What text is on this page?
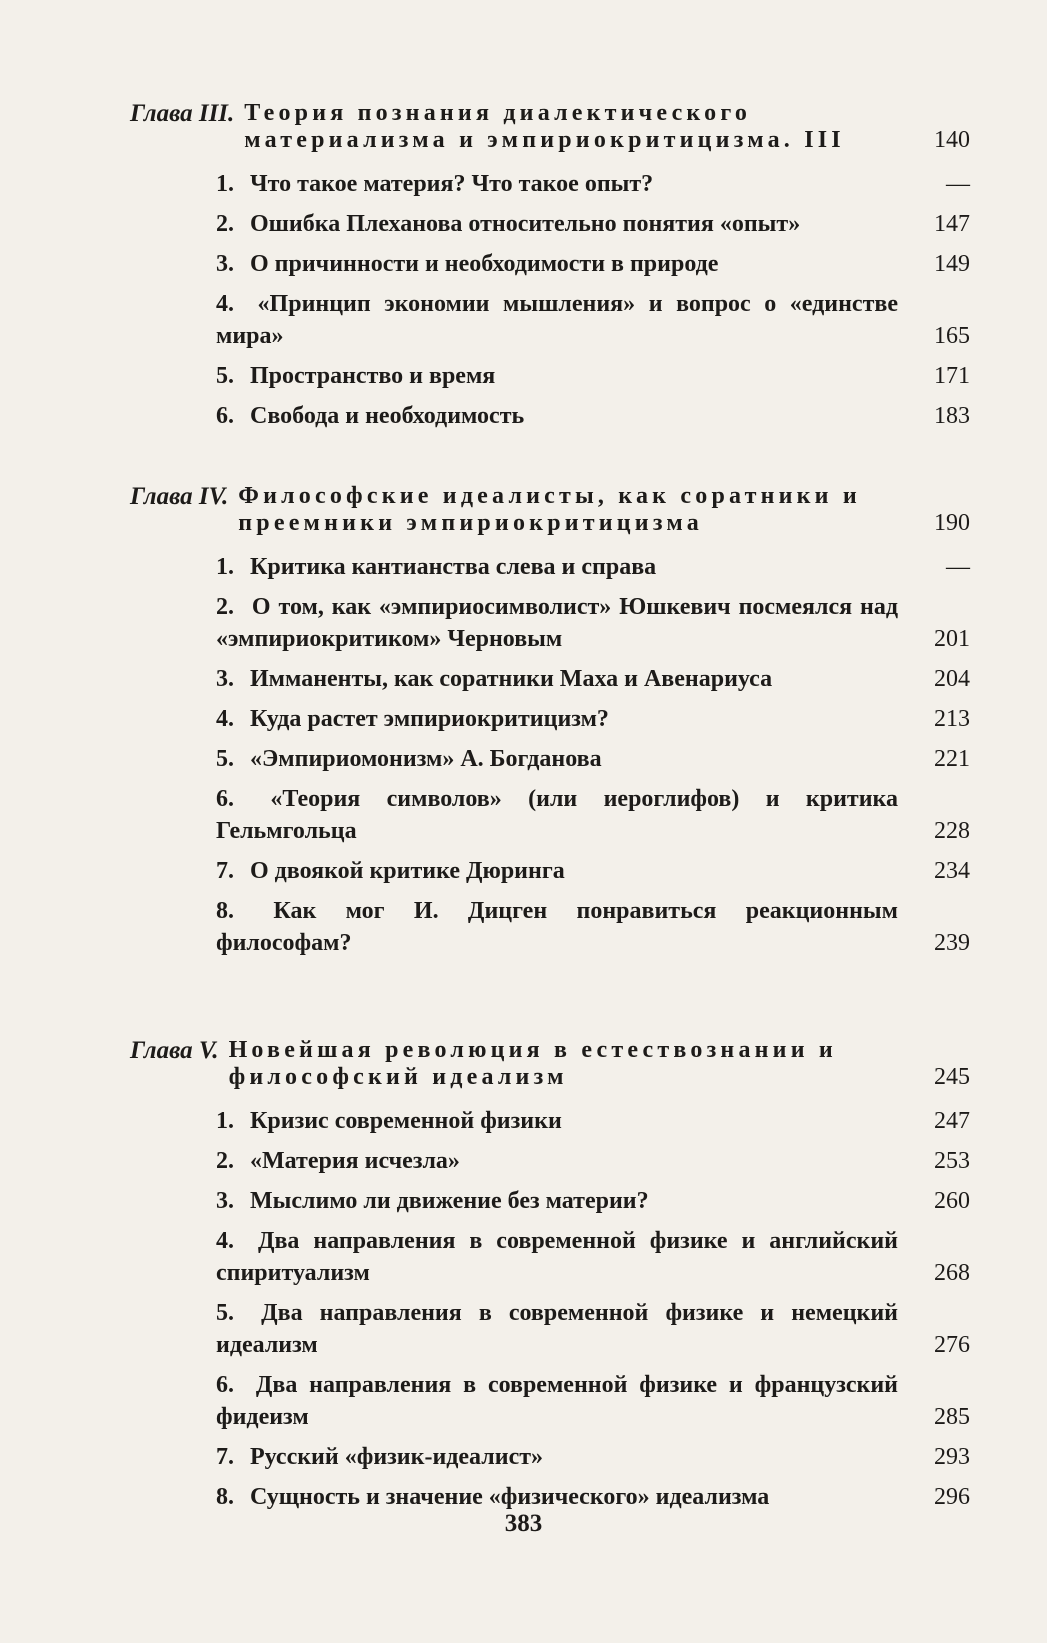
Глава III. Теория познания диалектического материализма и эмпириокритицизма. III	140
1. Что такое материя? Что такое опыт?	—
2. Ошибка Плеханова относительно понятия «опыт»	147
3. О причинности и необходимости в природе	149
4. «Принцип экономии мышления» и вопрос о «единстве мира»	165
5. Пространство и время	171
6. Свобода и необходимость	183
Глава IV. Философские идеалисты, как соратники и преемники эмпириокритицизма	190
1. Критика кантианства слева и справа	—
2. О том, как «эмпириосимволист» Юшкевич посмеялся над «эмпириокритиком» Черновым	201
3. Имманенты, как соратники Маха и Авенариуса	204
4. Куда растет эмпириокритицизм?	213
5. «Эмпириомонизм» А. Богданова	221
6. «Теория символов» (или иероглифов) и критика Гельмгольца	228
7. О двоякой критике Дюринга	234
8. Как мог И. Дицген понравиться реакционным философам?	239
Глава V. Новейшая революция в естествознании и философский идеализм	245
1. Кризис современной физики	247
2. «Материя исчезла»	253
3. Мыслимо ли движение без материи?	260
4. Два направления в современной физике и английский спиритуализм	268
5. Два направления в современной физике и немецкий идеализм	276
6. Два направления в современной физике и французский фидеизм	285
7. Русский «физик-идеалист»	293
8. Сущность и значение «физического» идеализма	296
383
